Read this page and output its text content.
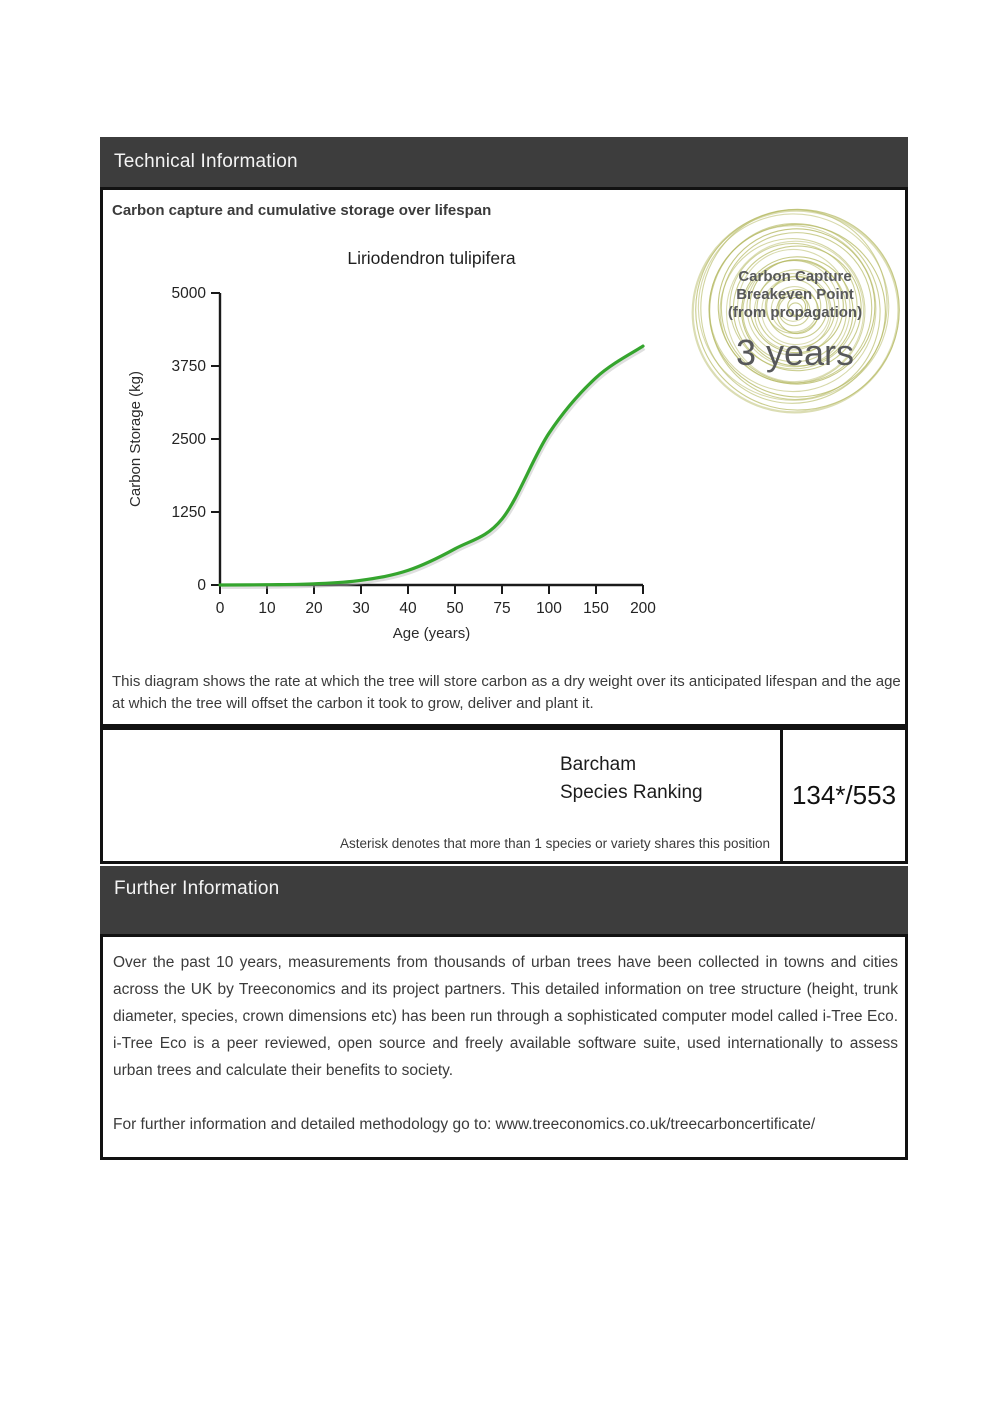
Technical Information
Carbon capture and cumulative storage over lifespan
Liriodendron tulipifera
Age (years)
Carbon Storage (kg)
0
1250
2500
3750
5000
0 10 20 30 40 50 75 100 150 200
Carbon Capture
Breakeven Point
(from propagation)
3 years
This diagram shows the rate at which the tree will store carbon as a dry weight over its anticipated lifespan and the age at which the tree will offset the carbon it took to grow, deliver and plant it.
Barcham
Species Ranking
Asterisk denotes that more than 1 species or variety shares this position
134*/553
Further Information

Over the past 10 years, measurements from thousands of urban trees have been collected in towns and cities across the UK by Treeconomics and its project partners. This detailed information on tree structure (height, trunk diameter, species, crown dimensions etc) has been run through a sophisticated computer model called i-Tree Eco. i-Tree Eco is a peer reviewed, open source and freely available software suite, used internationally to assess urban trees and calculate their benefits to society.

For further information and detailed methodology go to: www.treeconomics.co.uk/treecarboncertificate/
